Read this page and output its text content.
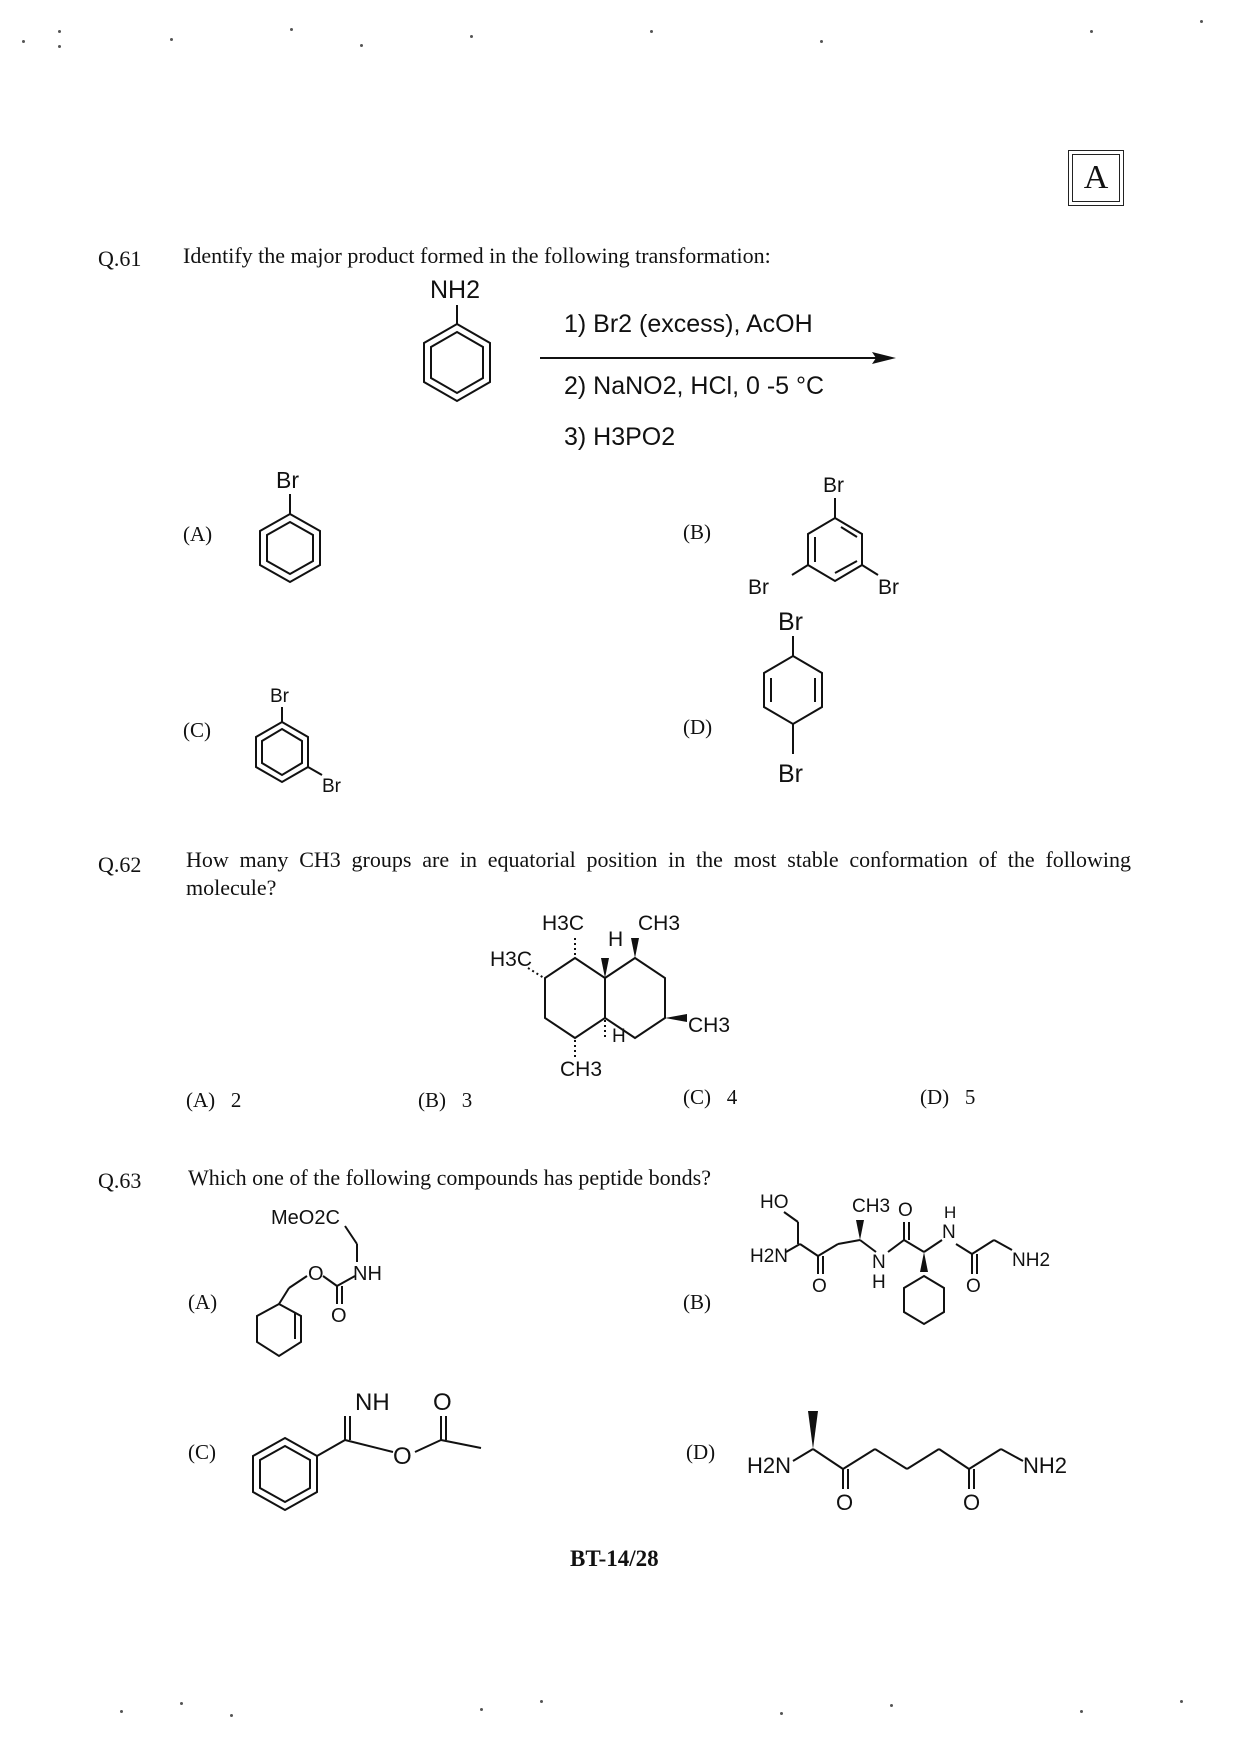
A
Q.61 Identify the major product formed in the following transformation:
NH2
1) Br2 (excess), AcOH
2) NaNO2, HCl, 0 -5 °C
3) H3PO2
(A)
Br
(B)
Br
Br	Br
(C)
Br
Br
(D)
Br
Br
Q.62 How many CH3 groups are in equatorial position in the most stable conformation of the following molecule?
H3C	CH3
H3C
H
CH3
H
CH3
(A) 2	(B) 3	(C) 4	(D) 5
Q.63 Which one of the following compounds has peptide bonds?
(A)
MeO2C
O NH
O
(B)
HO
H2N
O
CH3
N
H
O
N
H
O
NH2
(C)
NH
O
O
(D)
H2N
O	O
NH2
BT-14/28
